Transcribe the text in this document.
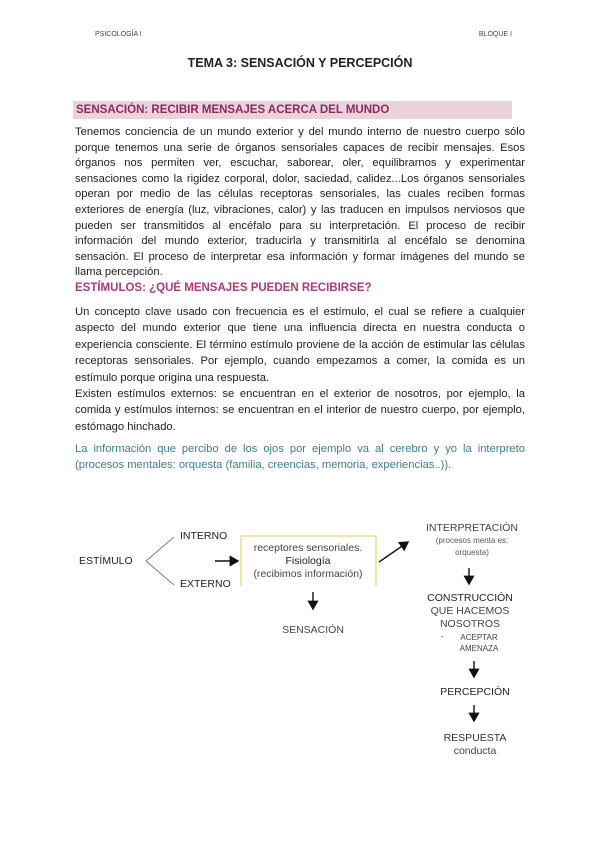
PSICOLOGÍA I	BLOQUE I
TEMA 3: SENSACIÓN Y PERCEPCIÓN
SENSACIÓN: RECIBIR MENSAJES ACERCA DEL MUNDO
Tenemos conciencia de un mundo exterior y del mundo interno de nuestro cuerpo sólo porque tenemos una serie de órganos sensoriales capaces de recibir mensajes. Esos órganos nos permiten ver, escuchar, saborear, oler, equilibrarnos y experimentar sensaciones como la rigidez corporal, dolor, saciedad, calidez...Los órganos sensoriales operan por medio de las células receptoras sensoriales, las cuales reciben formas exteriores de energía (luz, vibraciones, calor) y las traducen en impulsos nerviosos que pueden ser transmitidos al encéfalo para su interpretación. El proceso de recibir información del mundo exterior, traducirla y transmitirla al encéfalo se denomina sensación. El proceso de interpretar esa información y formar imágenes del mundo se llama percepción.
ESTÍMULOS: ¿QUÉ MENSAJES PUEDEN RECIBIRSE?
Un concepto clave usado con frecuencia es el estímulo, el cual se refiere a cualquier aspecto del mundo exterior que tiene una influencia directa en nuestra conducta o experiencia consciente. El término estímulo proviene de la acción de estimular las células receptoras sensoriales. Por ejemplo, cuando empezamos a comer, la comida es un estímulo porque origina una respuesta.
Existen estímulos externos: se encuentran en el exterior de nosotros, por ejemplo, la comida y estímulos internos: se encuentran en el interior de nuestro cuerpo, por ejemplo, estómago hinchado.
La información que percibo de los ojos por ejemplo va al cerebro y yo la interpreto (procesos mentales: orquesta (familia, creencias, memoria, experiencias..)).
ESTÍMULO
INTERNO
EXTERNO
receptores sensoriales.
Fisiología
(recibimos información)
SENSACIÓN
INTERPRETACIÓN
(procesos menta es:
orquesta)
CONSTRUCCIÓN
QUE HACEMOS
NOSOTROS
- ACEPTAR
AMENAZA
PERCEPCIÓN
RESPUESTA
conducta
